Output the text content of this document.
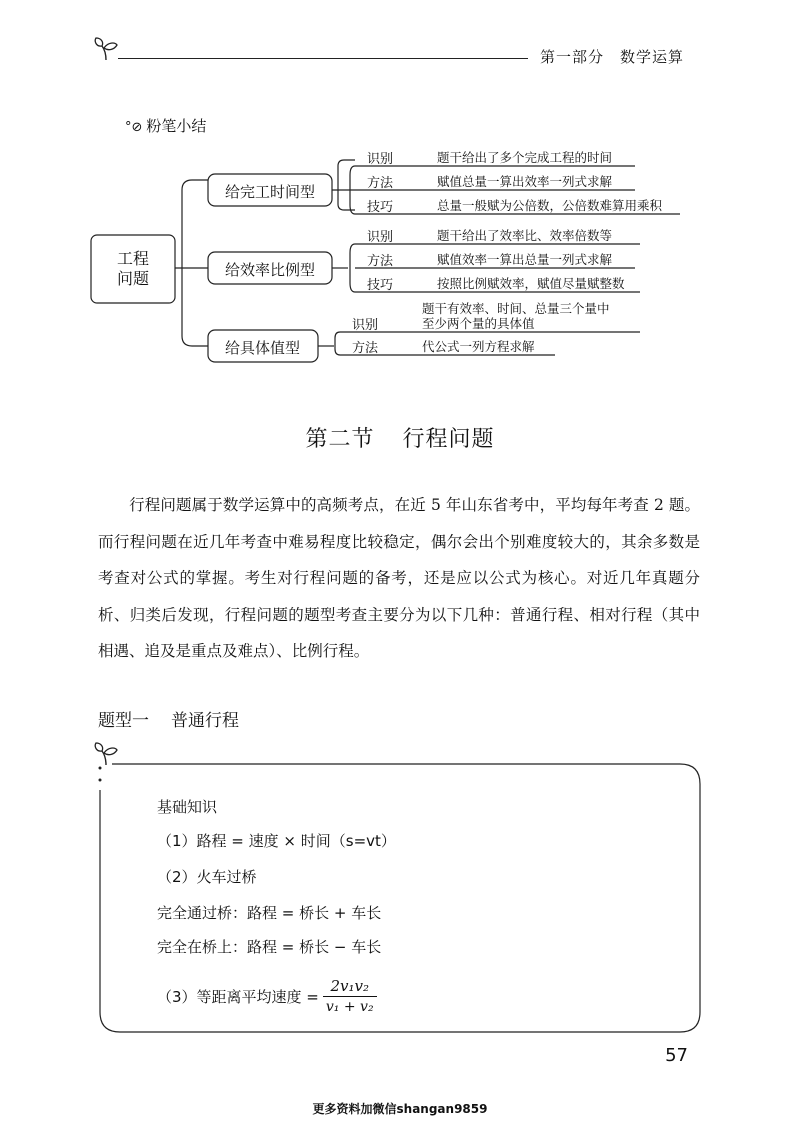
第一部分　数学运算
°⊘ 粉笔小结
工程
问题
给完工时间型
给效率比例型
给具体值型
识别	题干给出了多个完成工程的时间
方法	赋值总量一算出效率一列式求解
技巧	总量一般赋为公倍数，公倍数难算用乘积
识别	题干给出了效率比、效率倍数等
方法	赋值效率一算出总量一列式求解
技巧	按照比例赋效率，赋值尽量赋整数
识别
题干有效率、时间、总量三个量中
至少两个量的具体值
方法	代公式一列方程求解
第二节 行程问题
行程问题属于数学运算中的高频考点，在近 5 年山东省考中，平均每年考查 2 题。而行程问题在近几年考查中难易程度比较稳定，偶尔会出个别难度较大的，其余多数是考查对公式的掌握。考生对行程问题的备考，还是应以公式为核心。对近几年真题分析、归类后发现，行程问题的题型考查主要分为以下几种：普通行程、相对行程（其中相遇、追及是重点及难点）、比例行程。
题型一 普通行程
基础知识
（1）路程 = 速度 × 时间（s=vt）
（2）火车过桥
完全通过桥：路程 = 桥长 + 车长
完全在桥上：路程 = 桥长 − 车长
（3）等距离平均速度 = $\frac{\text{2v₁v₂}}{\text{v₁ + v₂}}$
57
更多资料加微信shangan9859
